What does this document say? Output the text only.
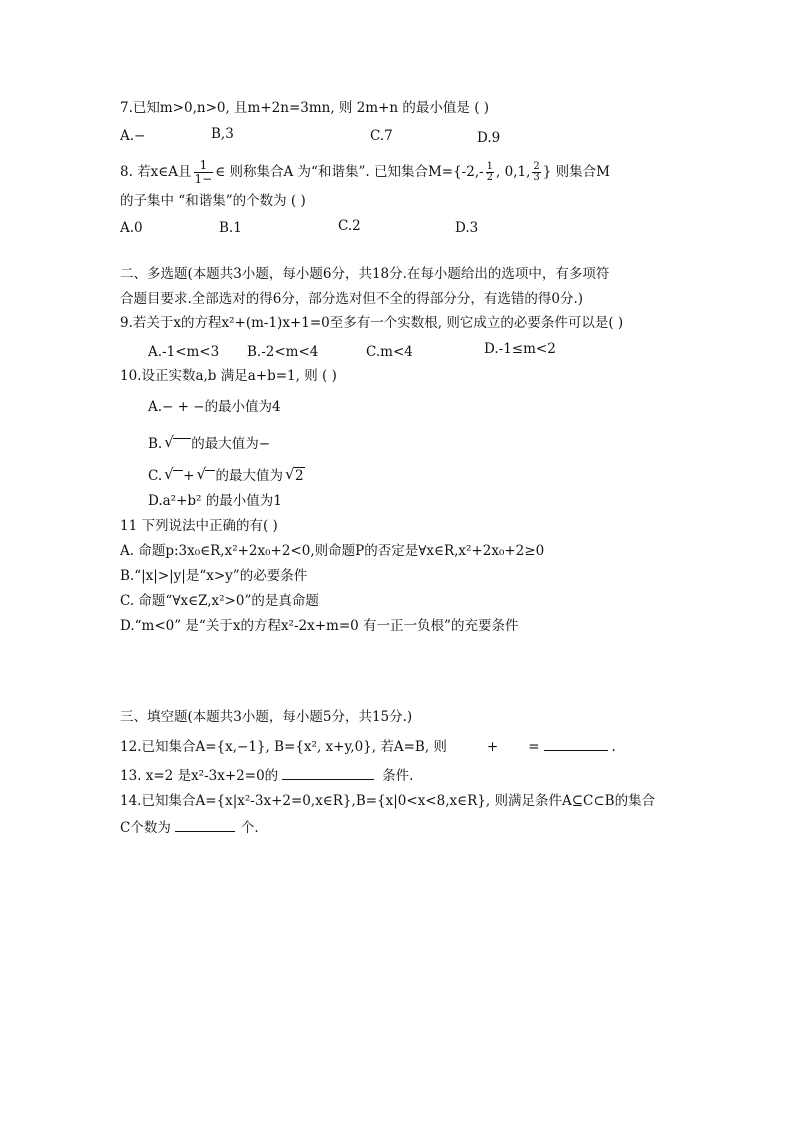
7.已知m>0,n>0, 且m+2n=3mn, 则 2m+n 的最小值是 ( )
A.−	B,3	C.7	D.9
8. 若x∈A且 $\frac{1}{1-}$ ∈ 则称集合A 为“和谐集”. 已知集合$M=\{-2,- \frac{1}{2}$ , 0,1, $\frac{2}{3}$ } 则集合M
的子集中 “和谐集”的个数为 ( )
A.0	B.1	C.2	D.3
二、多选题(本题共3小题，每小题6分，共18分.在每小题给出的选项中，有多项符
合题目要求.全部选对的得6分，部分选对但不全的得部分分，有选错的得0分.)
9.若关于x的方程x²+(m-1)x+1=0至多有一个实数根, 则它成立的必要条件可以是( )
A.-1<m<3 B.-2<m<4	C.m<4	D.-1≤m<2
10.设正实数a,b 满足a+b=1, 则 ( )
A.− + −的最小值为4
B. √ 的最大值为−
C. √ + √ 的最大值为 √ 2
D.a²+b² 的最小值为1
11 下列说法中正确的有( )
A. 命题p:3x₀∈R,x²+2x₀+2<0,则命题P的否定是∀x∈R,x²+2x₀+2≥0
B.“|x|>|y|是“x>y”的必要条件
C. 命题“∀x∈Z,x²>0”的是真命题
D.“m<0” 是“关于x的方程x²-2x+m=0 有一正一负根”的充要条件
三、填空题(本题共3小题，每小题5分，共15分.)
12.已知集合A={x,−1}, B={x², x+y,0}, 若A=B, 则	+ =	.
13. x=2 是x²-3x+2=0的	条件.
14.已知集合A={x|x²-3x+2=0,x∈R},B={x|0<x<8,x∈R}, 则满足条件A⊆C⊂B的集合
C个数为	个.
